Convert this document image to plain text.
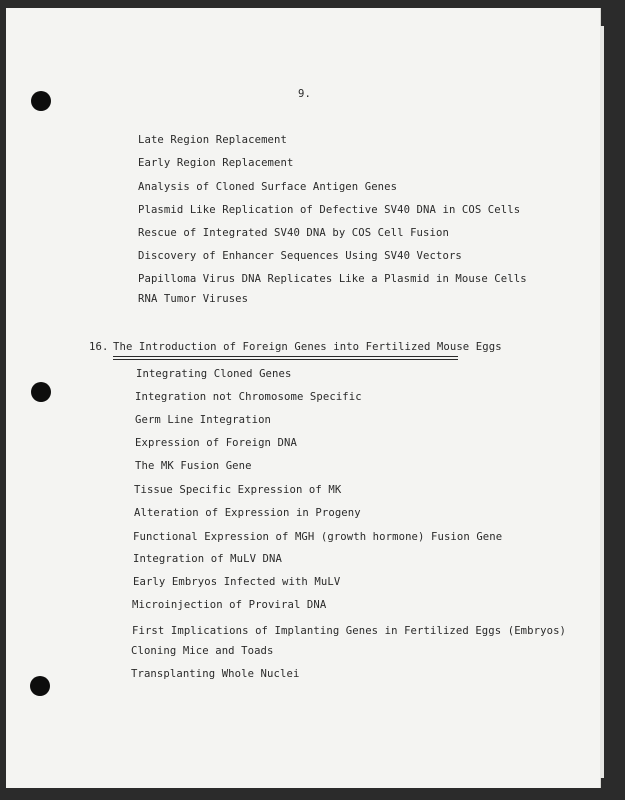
9.
Late Region Replacement
Early Region Replacement
Analysis of Cloned Surface Antigen Genes
Plasmid Like Replication of Defective SV40 DNA in COS Cells
Rescue of Integrated SV40 DNA by COS Cell Fusion
Discovery of Enhancer Sequences Using SV40 Vectors
Papilloma Virus DNA Replicates Like a Plasmid in Mouse Cells
RNA Tumor Viruses
16. The Introduction of Foreign Genes into Fertilized Mouse Eggs
Integrating Cloned Genes
Integration not Chromosome Specific
Germ Line Integration
Expression of Foreign DNA
The MK Fusion Gene
Tissue Specific Expression of MK
Alteration of Expression in Progeny
Functional Expression of MGH (growth hormone) Fusion Gene
Integration of MuLV DNA
Early Embryos Infected with MuLV
Microinjection of Proviral DNA
First Implications of Implanting Genes in Fertilized Eggs (Embryos)
Cloning Mice and Toads
Transplanting Whole Nuclei
